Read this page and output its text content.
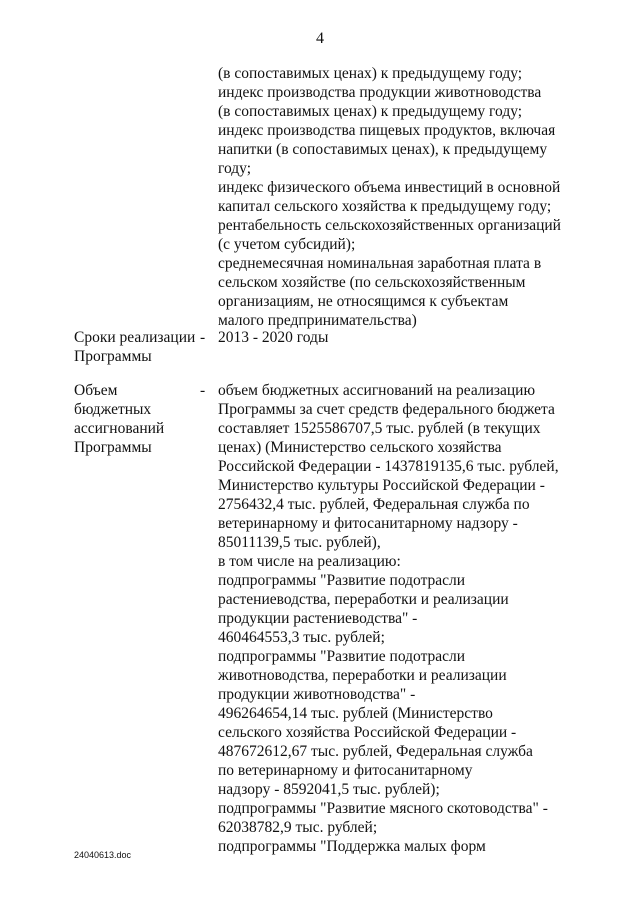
4
(в сопоставимых ценах) к предыдущему году;
индекс производства продукции животноводства
(в сопоставимых ценах) к предыдущему году;
индекс производства пищевых продуктов, включая
напитки (в сопоставимых ценах), к предыдущему
году;
индекс физического объема инвестиций в основной
капитал сельского хозяйства к предыдущему году;
рентабельность сельскохозяйственных организаций
(с учетом субсидий);
среднемесячная номинальная заработная плата в
сельском хозяйстве (по сельскохозяйственным
организациям, не относящимся к субъектам
малого предпринимательства)
Сроки реализации
Программы
- 2013 - 2020 годы
Объем
бюджетных
ассигнований
Программы
- объем бюджетных ассигнований на реализацию
Программы за счет средств федерального бюджета
составляет 1525586707,5 тыс. рублей (в текущих
ценах) (Министерство сельского хозяйства
Российской Федерации - 1437819135,6 тыс. рублей,
Министерство культуры Российской Федерации -
2756432,4 тыс. рублей, Федеральная служба по
ветеринарному и фитосанитарному надзору -
85011139,5 тыс. рублей),
в том числе на реализацию:
подпрограммы "Развитие подотрасли
растениеводства, переработки и реализации
продукции растениеводства" -
460464553,3 тыс. рублей;
подпрограммы "Развитие подотрасли
животноводства, переработки и реализации
продукции животноводства" -
496264654,14 тыс. рублей (Министерство
сельского хозяйства Российской Федерации -
487672612,67 тыс. рублей, Федеральная служба
по ветеринарному и фитосанитарному
надзору - 8592041,5 тыс. рублей);
подпрограммы "Развитие мясного скотоводства" -
62038782,9 тыс. рублей;
подпрограммы "Поддержка малых форм
24040613.doc
